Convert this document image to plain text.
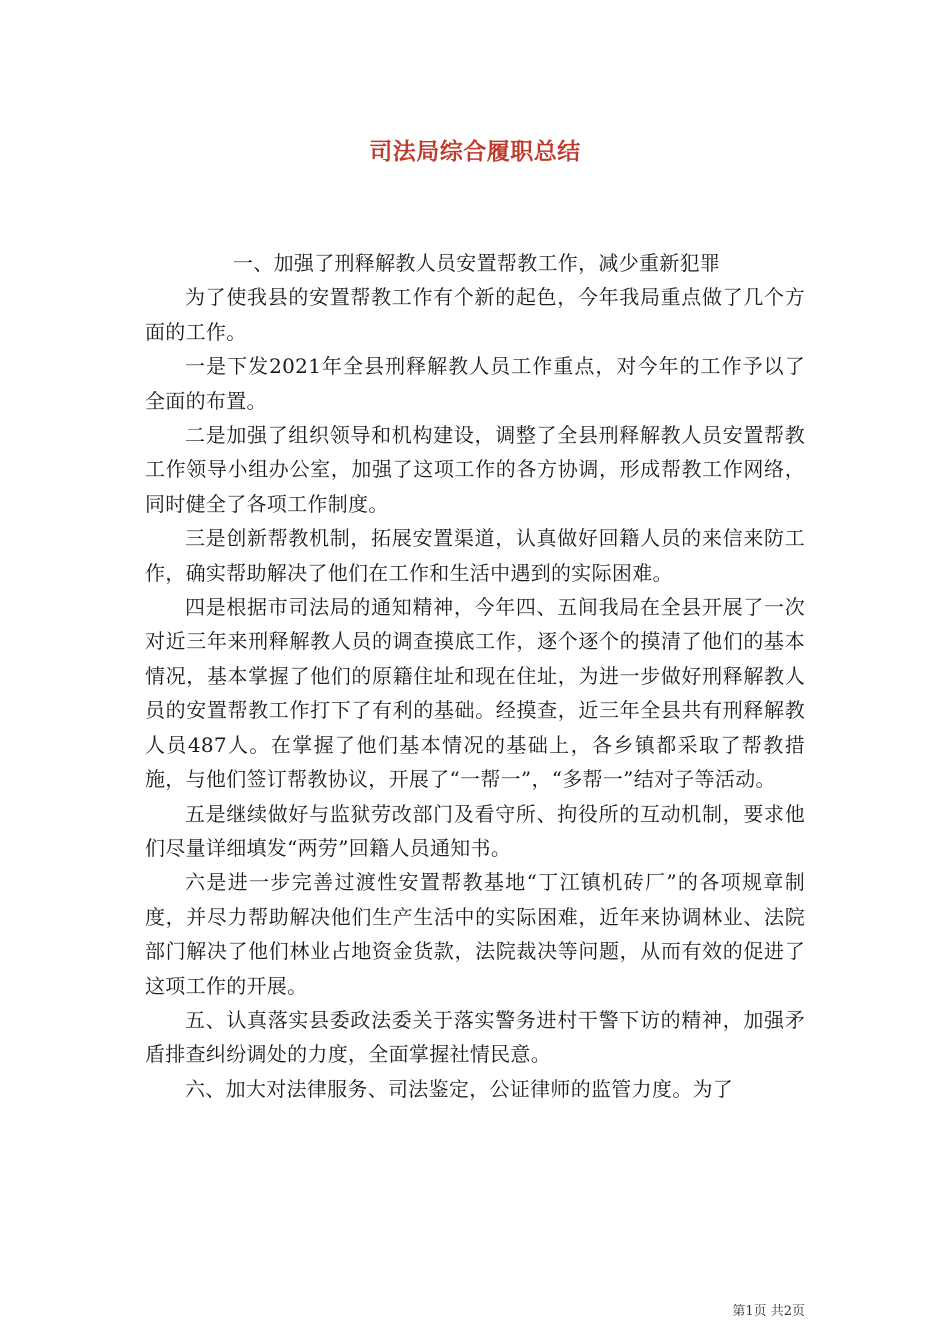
司法局综合履职总结

一、加强了刑释解教人员安置帮教工作，减少重新犯罪

为了使我县的安置帮教工作有个新的起色，今年我局重点做了几个方面的工作。

一是下发2021年全县刑释解教人员工作重点，对今年的工作予以了全面的布置。

二是加强了组织领导和机构建设，调整了全县刑释解教人员安置帮教工作领导小组办公室，加强了这项工作的各方协调，形成帮教工作网络，同时健全了各项工作制度。

三是创新帮教机制，拓展安置渠道，认真做好回籍人员的来信来防工作，确实帮助解决了他们在工作和生活中遇到的实际困难。

四是根据市司法局的通知精神，今年四、五间我局在全县开展了一次对近三年来刑释解教人员的调查摸底工作，逐个逐个的摸清了他们的基本情况，基本掌握了他们的原籍住址和现在住址，为进一步做好刑释解教人员的安置帮教工作打下了有利的基础。经摸查，近三年全县共有刑释解教人员487人。在掌握了他们基本情况的基础上，各乡镇都采取了帮教措施，与他们签订帮教协议，开展了“一帮一”，“多帮一”结对子等活动。

五是继续做好与监狱劳改部门及看守所、拘役所的互动机制，要求他们尽量详细填发“两劳”回籍人员通知书。

六是进一步完善过渡性安置帮教基地“丁江镇机砖厂”的各项规章制度，并尽力帮助解决他们生产生活中的实际困难，近年来协调林业、法院部门解决了他们林业占地资金货款，法院裁决等问题，从而有效的促进了这项工作的开展。

五、认真落实县委政法委关于落实警务进村干警下访的精神，加强矛盾排查纠纷调处的力度，全面掌握社情民意。

六、加大对法律服务、司法鉴定，公证律师的监管力度。为了

第1页 共2页
